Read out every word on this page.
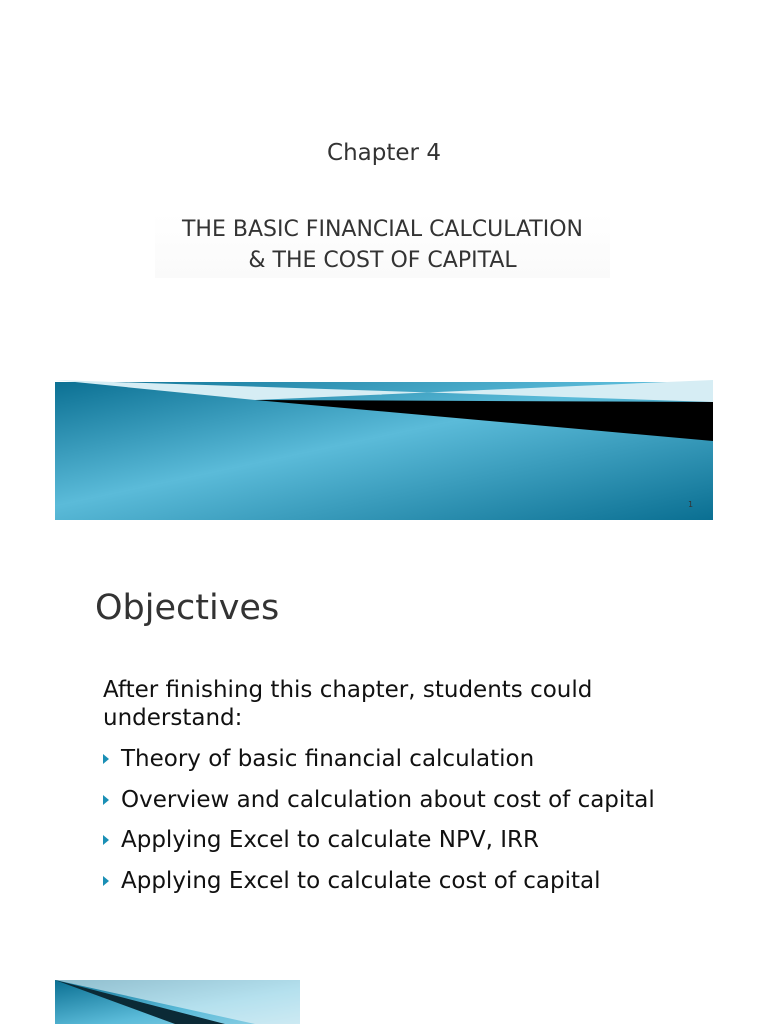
Chapter 4

THE BASIC FINANCIAL CALCULATION
& THE COST OF CAPITAL
1
Objectives

After finishing this chapter, students could understand:

Theory of basic financial calculation
Overview and calculation about cost of capital
Applying Excel to calculate NPV, IRR
Applying Excel to calculate cost of capital
